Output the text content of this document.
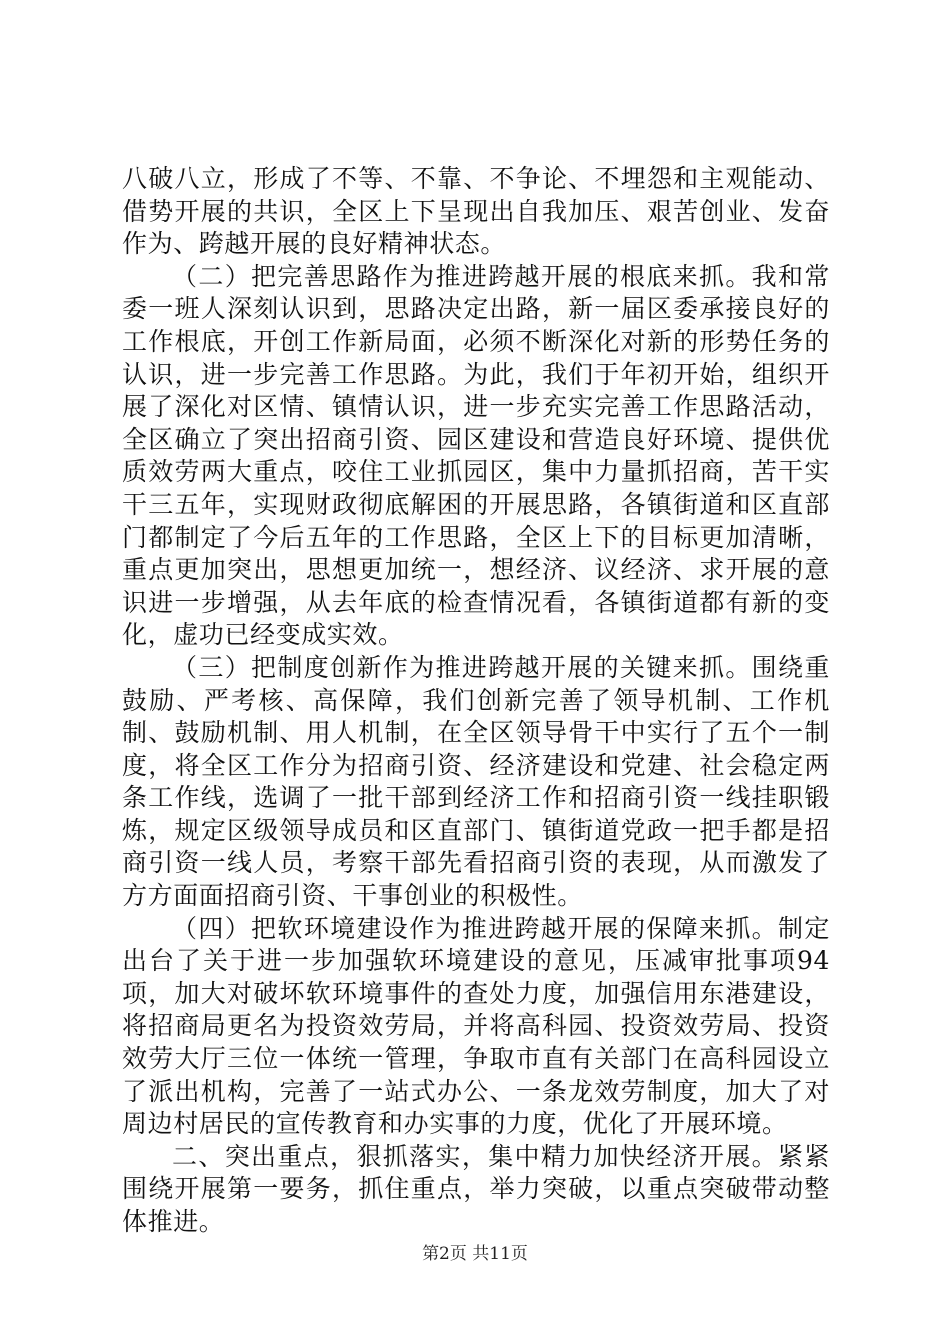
八破八立，形成了不等、不靠、不争论、不埋怨和主观能动、借势开展的共识，全区上下呈现出自我加压、艰苦创业、发奋作为、跨越开展的良好精神状态。

（二）把完善思路作为推进跨越开展的根底来抓。我和常委一班人深刻认识到，思路决定出路，新一届区委承接良好的工作根底，开创工作新局面，必须不断深化对新的形势任务的认识，进一步完善工作思路。为此，我们于年初开始，组织开展了深化对区情、镇情认识，进一步充实完善工作思路活动，全区确立了突出招商引资、园区建设和营造良好环境、提供优质效劳两大重点，咬住工业抓园区，集中力量抓招商，苦干实干三五年，实现财政彻底解困的开展思路，各镇街道和区直部门都制定了今后五年的工作思路，全区上下的目标更加清晰，重点更加突出，思想更加统一，想经济、议经济、求开展的意识进一步增强，从去年底的检查情况看，各镇街道都有新的变化，虚功已经变成实效。

（三）把制度创新作为推进跨越开展的关键来抓。围绕重鼓励、严考核、高保障，我们创新完善了领导机制、工作机制、鼓励机制、用人机制，在全区领导骨干中实行了五个一制度，将全区工作分为招商引资、经济建设和党建、社会稳定两条工作线，选调了一批干部到经济工作和招商引资一线挂职锻炼，规定区级领导成员和区直部门、镇街道党政一把手都是招商引资一线人员，考察干部先看招商引资的表现，从而激发了方方面面招商引资、干事创业的积极性。

（四）把软环境建设作为推进跨越开展的保障来抓。制定出台了关于进一步加强软环境建设的意见，压减审批事项94项，加大对破坏软环境事件的查处力度，加强信用东港建设，将招商局更名为投资效劳局，并将高科园、投资效劳局、投资效劳大厅三位一体统一管理，争取市直有关部门在高科园设立了派出机构，完善了一站式办公、一条龙效劳制度，加大了对周边村居民的宣传教育和办实事的力度，优化了开展环境。

二、突出重点，狠抓落实，集中精力加快经济开展。紧紧围绕开展第一要务，抓住重点，举力突破，以重点突破带动整体推进。

第2页 共11页
